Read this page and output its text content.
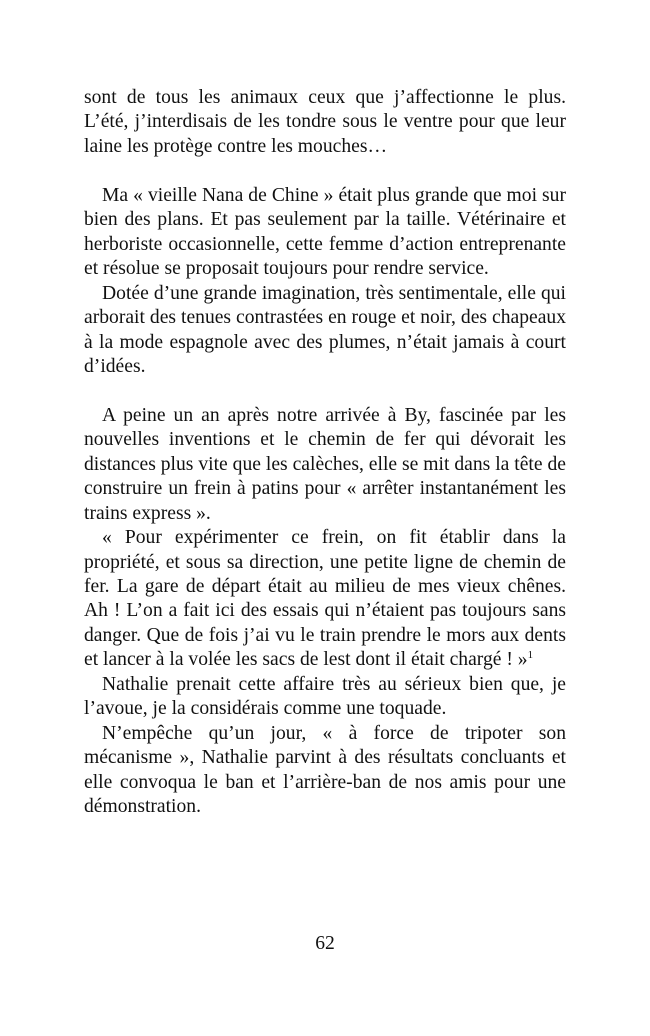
sont de tous les animaux ceux que j’affectionne le plus. L’été, j’interdisais de les tondre sous le ventre pour que leur laine les protège contre les mouches…

Ma « vieille Nana de Chine » était plus grande que moi sur bien des plans. Et pas seulement par la taille. Vétérinaire et herboriste occasionnelle, cette femme d’action entreprenante et résolue se proposait toujours pour rendre service.

Dotée d’une grande imagination, très sentimentale, elle qui arborait des tenues contrastées en rouge et noir, des chapeaux à la mode espagnole avec des plumes, n’était jamais à court d’idées.

A peine un an après notre arrivée à By, fascinée par les nouvelles inventions et le chemin de fer qui dévorait les distances plus vite que les calèches, elle se mit dans la tête de construire un frein à patins pour « arrêter instantanément les trains express ».

« Pour expérimenter ce frein, on fit établir dans la propriété, et sous sa direction, une petite ligne de chemin de fer. La gare de départ était au milieu de mes vieux chênes. Ah ! L’on a fait ici des essais qui n’étaient pas toujours sans danger. Que de fois j’ai vu le train prendre le mors aux dents et lancer à la volée les sacs de lest dont il était chargé ! »$^1$

Nathalie prenait cette affaire très au sérieux bien que, je l’avoue, je la considérais comme une toquade.

N’empêche qu’un jour, « à force de tripoter son mécanisme », Nathalie parvint à des résultats concluants et elle convoqua le ban et l’arrière-ban de nos amis pour une démonstration.

62
